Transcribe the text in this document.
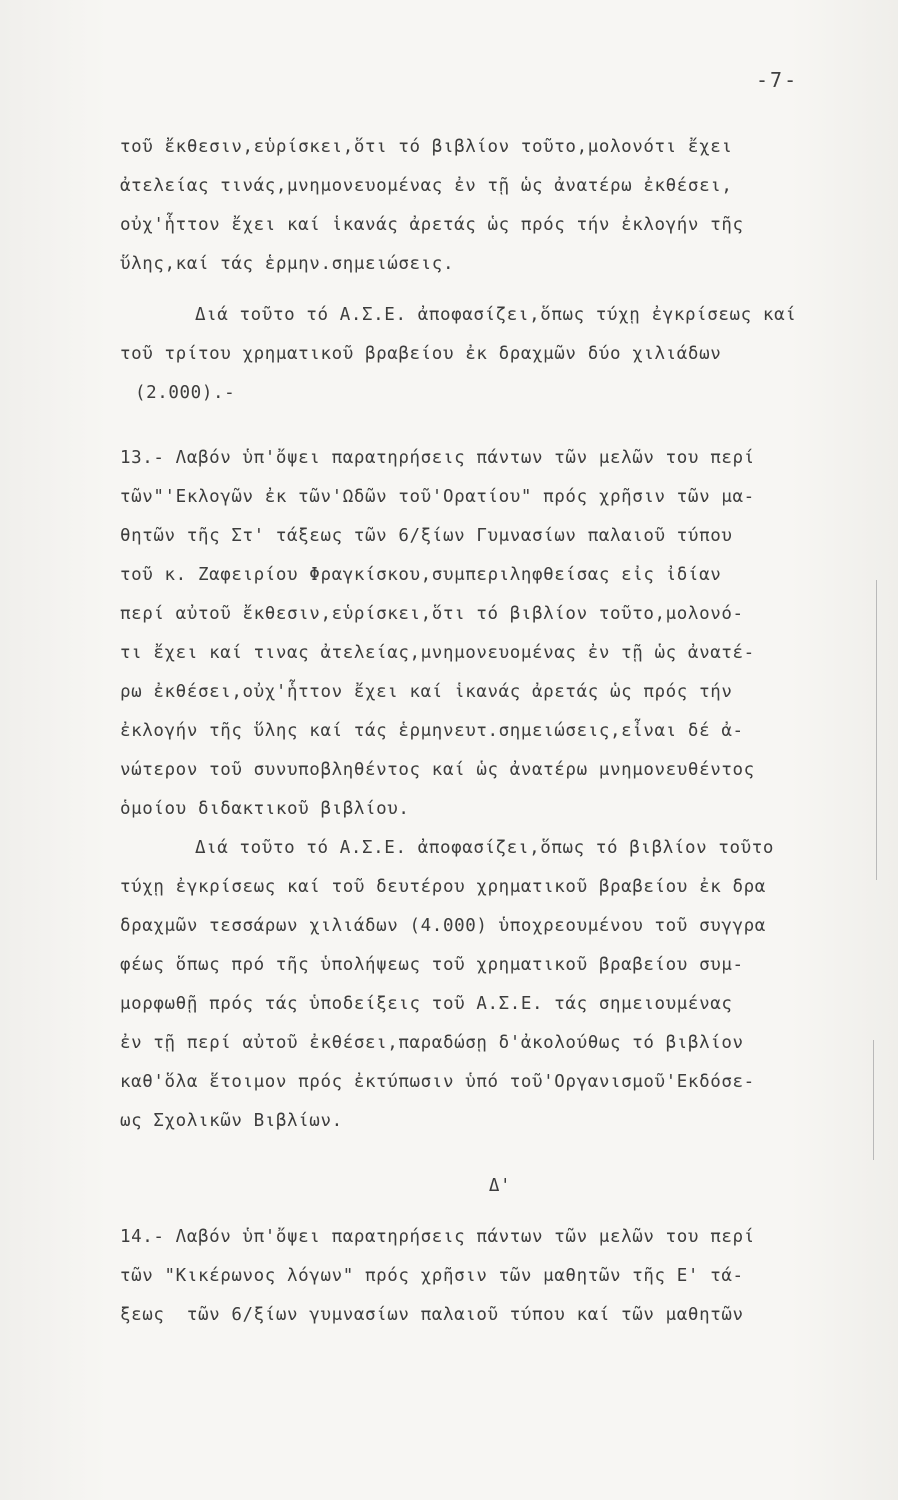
-7-
τοῦ ἔκθεσιν,εὑρίσκει,ὅτι τό βιβλίον τοῦτο,μολονότι ἔχει
ἀτελείας τινάς,μνημονευομένας ἐν τῇ ὡς ἀνατέρω ἐκθέσει,
οὐχ'ἧττον ἔχει καί ἱκανάς ἀρετάς ὡς πρός τήν ἐκλογήν τῆς
ὕλης,καί τάς ἑρμην.σημειώσεις.
Διά τοῦτο τό Α.Σ.Ε. ἀποφασίζει,ὅπως τύχῃ ἐγκρίσεως καί
τοῦ τρίτου χρηματικοῦ βραβείου ἐκ δραχμῶν δύο χιλιάδων
(2.000).-
13.- Λαβόν ὑπ'ὄψει παρατηρήσεις πάντων τῶν μελῶν του περί
τῶν"'Εκλογῶν ἐκ τῶν'Ωδῶν τοῦ'Ορατίου" πρός χρῆσιν τῶν μα-
θητῶν τῆς Στ' τάξεως τῶν 6/ξίων Γυμνασίων παλαιοῦ τύπου
τοῦ κ. Ζαφειρίου Φραγκίσκου,συμπεριληφθείσας εἰς ἰδίαν
περί αὐτοῦ ἔκθεσιν,εὑρίσκει,ὅτι τό βιβλίον τοῦτο,μολονό-
τι ἔχει καί τινας ἀτελείας,μνημονευομένας ἐν τῇ ὡς ἀνατέ-
ρω ἐκθέσει,οὐχ'ἧττον ἔχει καί ἱκανάς ἀρετάς ὡς πρός τήν
ἐκλογήν τῆς ὕλης καί τάς ἑρμηνευτ.σημειώσεις,εἶναι δέ ἀ-
νώτερον τοῦ συνυποβληθέντος καί ὡς ἀνατέρω μνημονευθέντος
ὁμοίου διδακτικοῦ βιβλίου.
Διά τοῦτο τό Α.Σ.Ε. ἀποφασίζει,ὅπως τό βιβλίον τοῦτο
τύχῃ ἐγκρίσεως καί τοῦ δευτέρου χρηματικοῦ βραβείου ἐκ δρα
δραχμῶν τεσσάρων χιλιάδων (4.000) ὑποχρεουμένου τοῦ συγγρα
φέως ὅπως πρό τῆς ὑπολήψεως τοῦ χρηματικοῦ βραβείου συμ-
μορφωθῇ πρός τάς ὑποδείξεις τοῦ Α.Σ.Ε. τάς σημειουμένας
ἐν τῇ περί αὐτοῦ ἐκθέσει,παραδώσῃ δ'ἀκολούθως τό βιβλίον
καθ'ὅλα ἕτοιμον πρός ἐκτύπωσιν ὑπό τοῦ'Οργανισμοῦ'Εκδόσε-
ως Σχολικῶν Βιβλίων.
Δ'
14.- Λαβόν ὑπ'ὄψει παρατηρήσεις πάντων τῶν μελῶν του περί
τῶν "Κικέρωνος λόγων" πρός χρῆσιν τῶν μαθητῶν τῆς Ε' τά-
ξεως  τῶν 6/ξίων γυμνασίων παλαιοῦ τύπου καί τῶν μαθητῶν
